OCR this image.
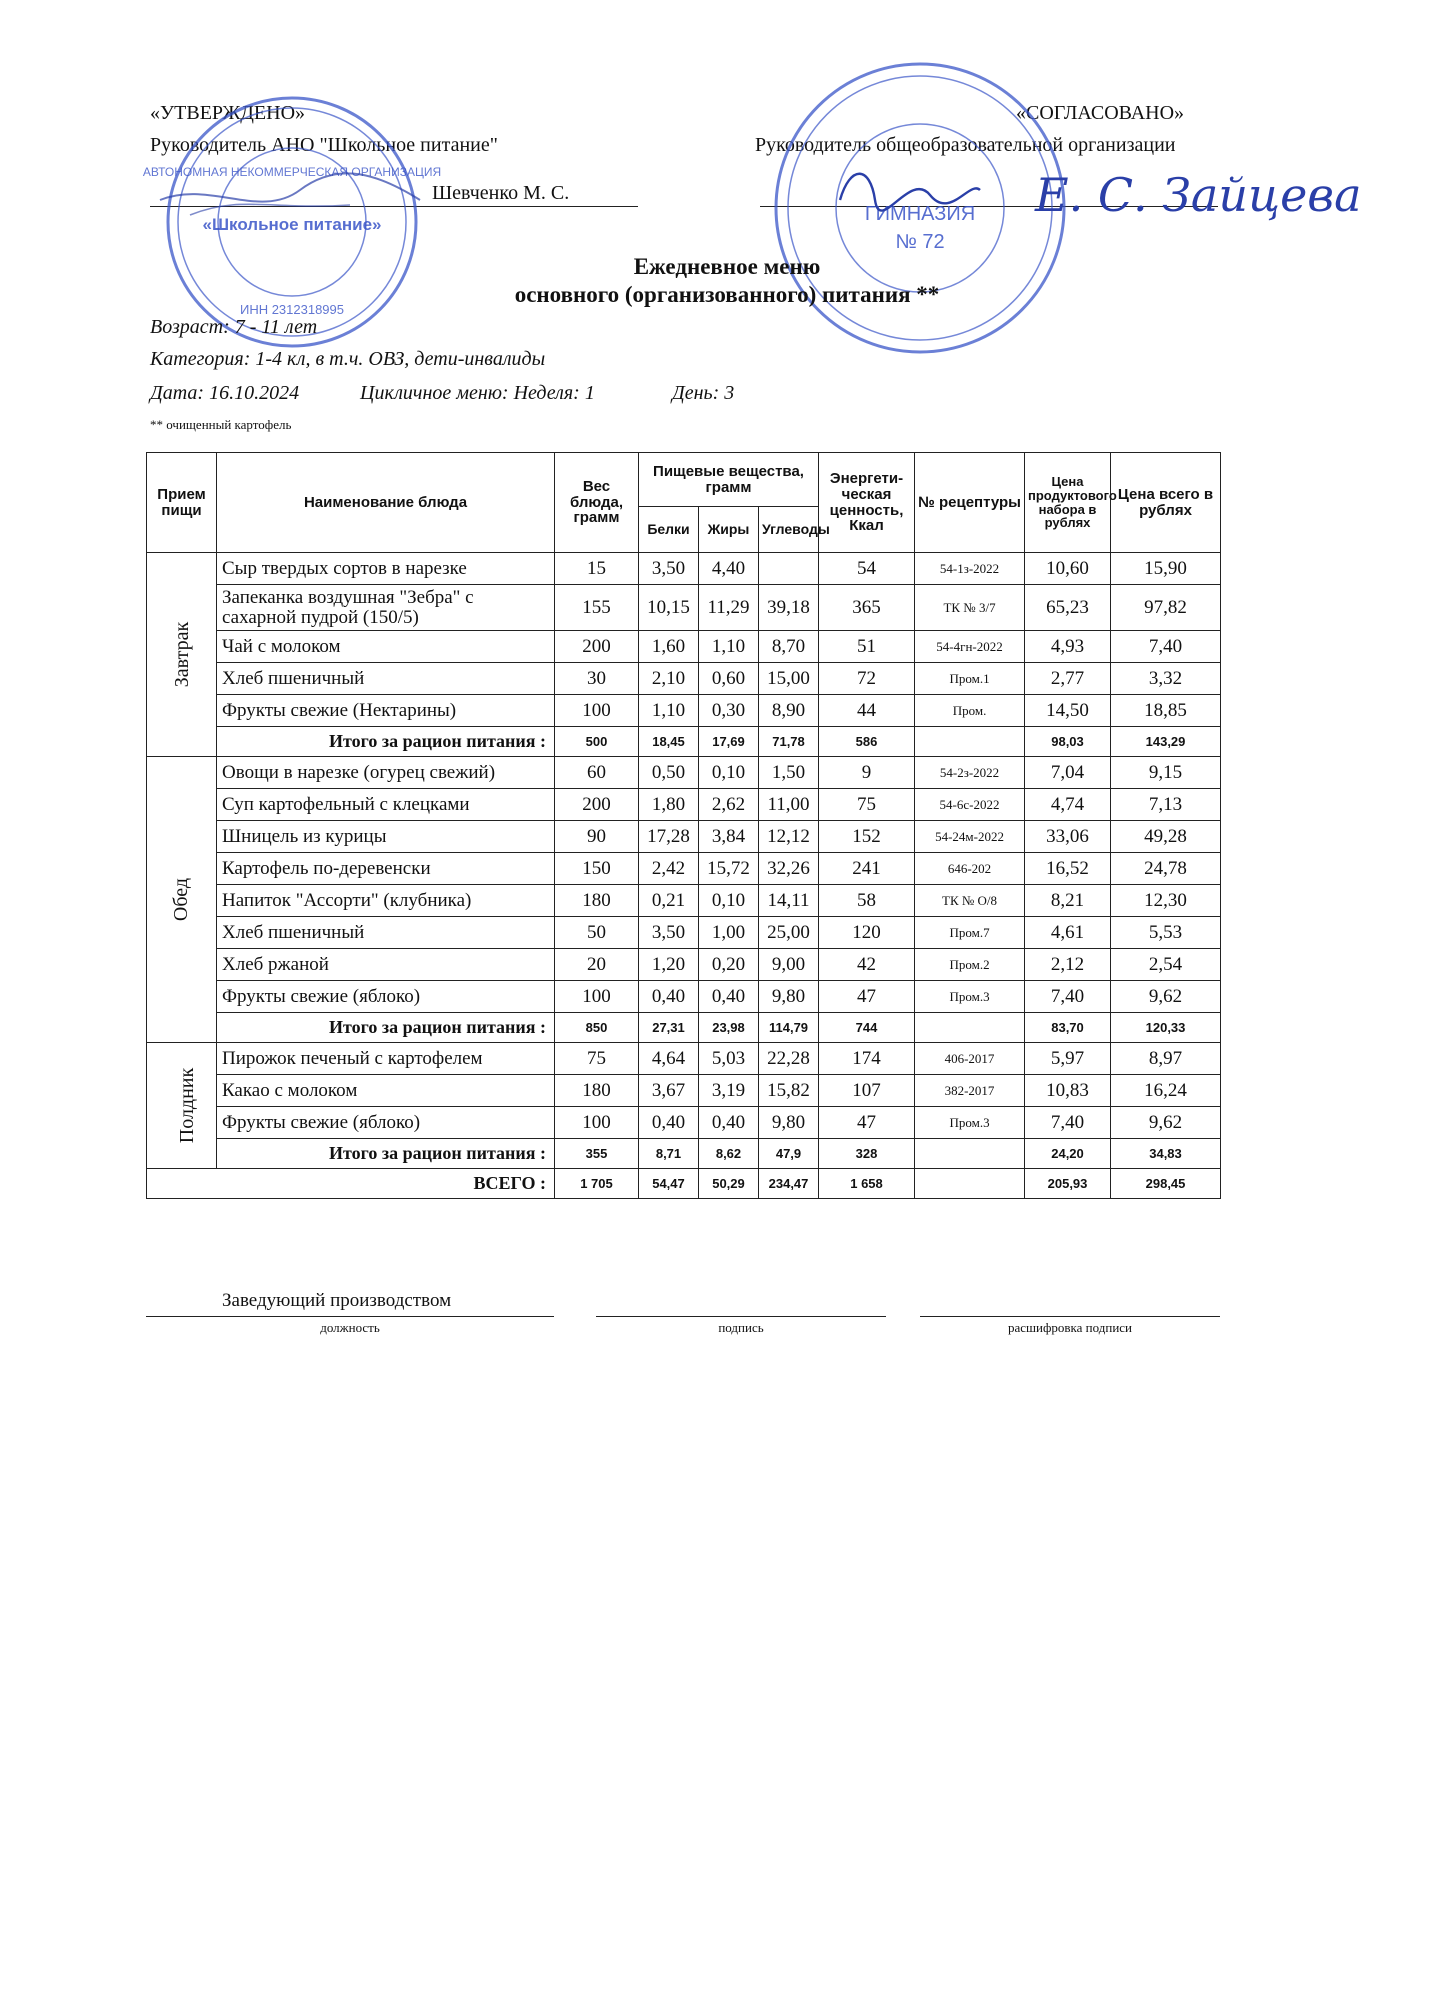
«УТВЕРЖДЕНО»
Руководитель АНО "Школьное питание"
Шевченко М. С.
«СОГЛАСОВАНО»
Руководитель общеобразовательной организации
АВТОНОМНАЯ НЕКОММЕРЧЕСКАЯ ОРГАНИЗАЦИЯ
«Школьное питание»
ИНН 2312318995
ГИМНАЗИЯ
№ 72
Е. С. Зайцева
Ежедневное меню
основного (организованного) питания **
Возраст: 7 - 11 лет
Категория: 1-4 кл, в т.ч. ОВЗ, дети-инвалиды
Дата: 16.10.2024	Цикличное меню: Неделя: 1	День: 3
** очищенный картофель
Прием пищи	Наименование блюда	Вес блюда, грамм	Пищевые вещества, грамм			Энергети- ческая ценность, Ккал	№ рецептуры	Цена продуктового набора в рублях	Цена всего в рублях
			Белки	Жиры	Углеводы				
Завтрак	Сыр твердых сортов в нарезке	15	3,50	4,40		54	54-1з-2022	10,60	15,90
	Запеканка воздушная "Зебра" с сахарной пудрой (150/5)	155	10,15	11,29	39,18	365	ТК № 3/7	65,23	97,82
	Чай с молоком	200	1,60	1,10	8,70	51	54-4гн-2022	4,93	7,40
	Хлеб пшеничный	30	2,10	0,60	15,00	72	Пром.1	2,77	3,32
	Фрукты свежие (Нектарины)	100	1,10	0,30	8,90	44	Пром.	14,50	18,85
	Итого за рацион питания :	500	18,45	17,69	71,78	586		98,03	143,29
Обед	Овощи в нарезке (огурец свежий)	60	0,50	0,10	1,50	9	54-2з-2022	7,04	9,15
	Суп картофельный с клецками	200	1,80	2,62	11,00	75	54-6с-2022	4,74	7,13
	Шницель из курицы	90	17,28	3,84	12,12	152	54-24м-2022	33,06	49,28
	Картофель по-деревенски	150	2,42	15,72	32,26	241	646-202	16,52	24,78
	Напиток "Ассорти" (клубника)	180	0,21	0,10	14,11	58	ТК № О/8	8,21	12,30
	Хлеб пшеничный	50	3,50	1,00	25,00	120	Пром.7	4,61	5,53
	Хлеб ржаной	20	1,20	0,20	9,00	42	Пром.2	2,12	2,54
	Фрукты свежие (яблоко)	100	0,40	0,40	9,80	47	Пром.3	7,40	9,62
	Итого за рацион питания :	850	27,31	23,98	114,79	744		83,70	120,33
Полдник	Пирожок печеный с картофелем	75	4,64	5,03	22,28	174	406-2017	5,97	8,97
	Какао с молоком	180	3,67	3,19	15,82	107	382-2017	10,83	16,24
	Фрукты свежие (яблоко)	100	0,40	0,40	9,80	47	Пром.3	7,40	9,62
	Итого за рацион питания :	355	8,71	8,62	47,9	328		24,20	34,83
ВСЕГО :		1 705	54,47	50,29	234,47	1 658		205,93	298,45
Заведующий производством
должность	подпись	расшифровка подписи
